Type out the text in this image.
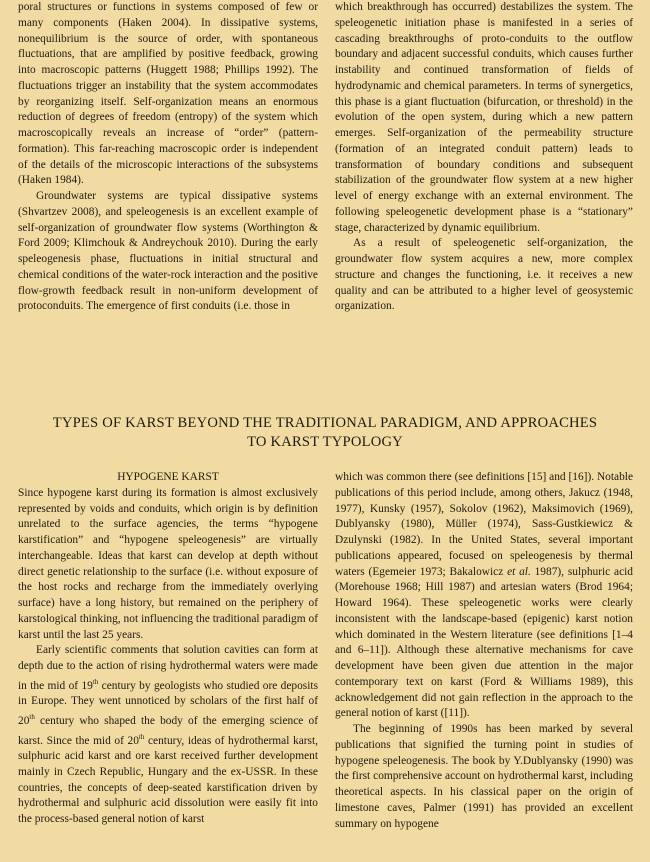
poral structures or functions in systems composed of few or many components (Haken 2004). In dissipative systems, nonequilibrium is the source of order, with spontaneous fluctuations, that are amplified by positive feedback, growing into macroscopic patterns (Huggett 1988; Phillips 1992). The fluctuations trigger an instability that the system accommodates by reorganizing itself. Self-organization means an enormous reduction of degrees of freedom (entropy) of the system which macroscopically reveals an increase of “order” (pattern-formation). This far-reaching macroscopic order is independent of the details of the microscopic interactions of the subsystems (Haken 1984).

Groundwater systems are typical dissipative systems (Shvartzev 2008), and speleogenesis is an excellent example of self-organization of groundwater flow systems (Worthington & Ford 2009; Klimchouk & Andreychouk 2010). During the early speleogenesis phase, fluctuations in initial structural and chemical conditions of the water-rock interaction and the positive flow-growth feedback result in non-uniform development of protoconduits. The emergence of first conduits (i.e. those in

which breakthrough has occurred) destabilizes the system. The speleogenetic initiation phase is manifested in a series of cascading breakthroughs of proto-conduits to the outflow boundary and adjacent successful conduits, which causes further instability and continued transformation of fields of hydrodynamic and chemical parameters. In terms of synergetics, this phase is a giant fluctuation (bifurcation, or threshold) in the evolution of the open system, during which a new pattern emerges. Self-organization of the permeability structure (formation of an integrated conduit pattern) leads to transformation of boundary conditions and subsequent stabilization of the groundwater flow system at a new higher level of energy exchange with an external environment. The following speleogenetic development phase is a “stationary” stage, characterized by dynamic equilibrium.

As a result of speleogenetic self-organization, the groundwater flow system acquires a new, more complex structure and changes the functioning, i.e. it receives a new quality and can be attributed to a higher level of geosystemic organization.

TYPES OF KARST BEYOND THE TRADITIONAL PARADIGM, AND APPROACHES
TO KARST TYPOLOGY

HYPOGENE KARST

Since hypogene karst during its formation is almost exclusively represented by voids and conduits, which origin is by definition unrelated to the surface agencies, the terms “hypogene karstification” and “hypogene speleogenesis” are virtually interchangeable. Ideas that karst can develop at depth without direct genetic relationship to the surface (i.e. without exposure of the host rocks and recharge from the immediately overlying surface) have a long history, but remained on the periphery of karstological thinking, not influencing the traditional paradigm of karst until the last 25 years.

Early scientific comments that solution cavities can form at depth due to the action of rising hydrothermal waters were made in the mid of 19th century by geologists who studied ore deposits in Europe. They went unnoticed by scholars of the first half of 20th century who shaped the body of the emerging science of karst. Since the mid of 20th century, ideas of hydrothermal karst, sulphuric acid karst and ore karst received further development mainly in Czech Republic, Hungary and the ex-USSR. In these countries, the concepts of deep-seated karstification driven by hydrothermal and sulphuric acid dissolution were easily fit into the process-based general notion of karst

which was common there (see definitions [15] and [16]). Notable publications of this period include, among others, Jakucz (1948, 1977), Kunsky (1957), Sokolov (1962), Maksimovich (1969), Dublyansky (1980), Müller (1974), Sass-Gustkiewicz & Dzulynski (1982). In the United States, several important publications appeared, focused on speleogenesis by thermal waters (Egemeier 1973; Bakalowicz et al. 1987), sulphuric acid (Morehouse 1968; Hill 1987) and artesian waters (Brod 1964; Howard 1964). These speleogenetic works were clearly inconsistent with the landscape-based (epigenic) karst notion which dominated in the Western literature (see definitions [1–4 and 6–11]). Although these alternative mechanisms for cave development have been given due attention in the major contemporary text on karst (Ford & Williams 1989), this acknowledgement did not gain reflection in the approach to the general notion of karst ([11]).

The beginning of 1990s has been marked by several publications that signified the turning point in studies of hypogene speleogenesis. The book by Y.Dublyansky (1990) was the first comprehensive account on hydrothermal karst, including theoretical aspects. In his classical paper on the origin of limestone caves, Palmer (1991) has provided an excellent summary on hypogene
